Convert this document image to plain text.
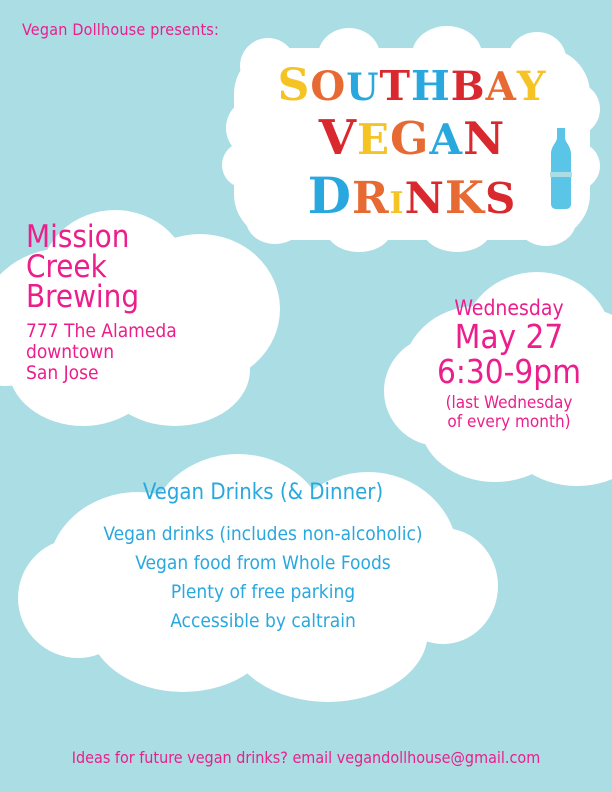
Vegan Dollhouse presents:
SOUTHBAY
VEGAN
DRINKS
Mission
Creek
Brewing
777 The Alameda
downtown
San Jose
Wednesday
May 27
6:30-9pm
(last Wednesday
of every month)
Vegan Drinks (& Dinner)
Vegan drinks (includes non-alcoholic)
Vegan food from Whole Foods
Plenty of free parking
Accessible by caltrain
Ideas for future vegan drinks? email vegandollhouse@gmail.com
